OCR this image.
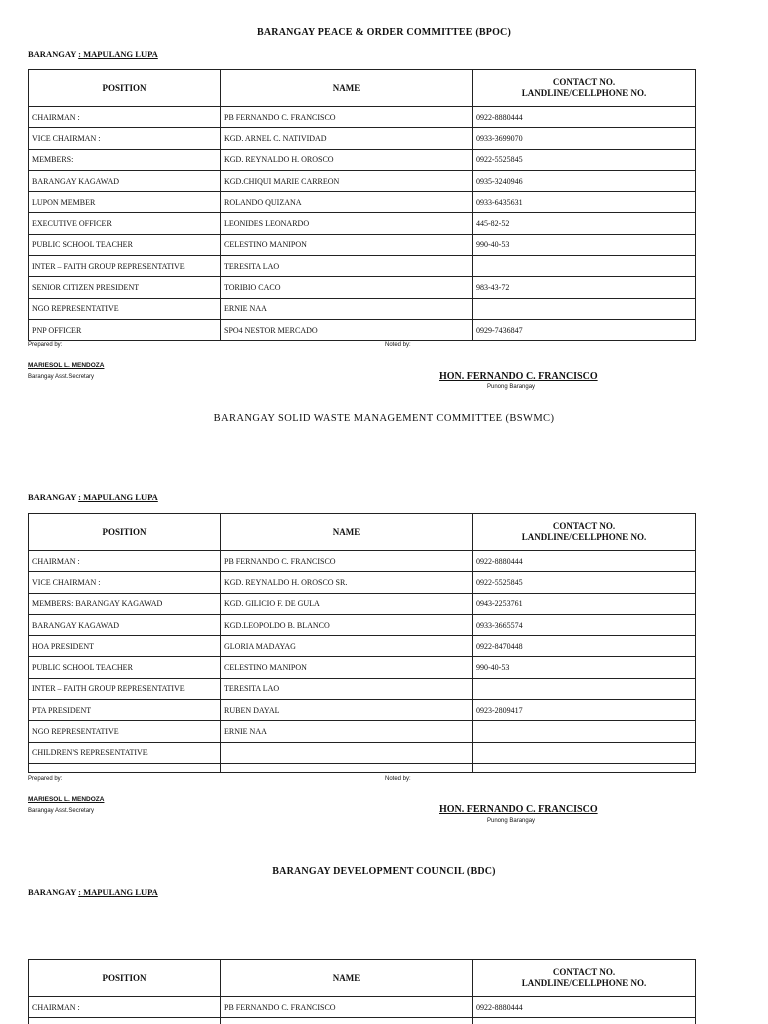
BARANGAY PEACE & ORDER COMMITTEE (BPOC)
BARANGAY : MAPULANG LUPA
POSITION	NAME	CONTACT NO.
LANDLINE/CELLPHONE NO.

CHAIRMAN :	PB FERNANDO C. FRANCISCO	0922-8880444
VICE CHAIRMAN :	KGD. ARNEL C. NATIVIDAD	0933-3699070
MEMBERS:	KGD. REYNALDO H. OROSCO	0922-5525845
BARANGAY KAGAWAD	KGD.CHIQUI MARIE CARREON	0935-3240946
LUPON MEMBER	ROLANDO QUIZANA	0933-6435631
EXECUTIVE OFFICER	LEONIDES LEONARDO	445-82-52
PUBLIC SCHOOL TEACHER	CELESTINO MANIPON	990-40-53
INTER – FAITH GROUP REPRESENTATIVE	TERESITA LAO	
SENIOR CITIZEN PRESIDENT	TORIBIO CACO	983-43-72
NGO REPRESENTATIVE	ERNIE NAA	
PNP OFFICER	SPO4 NESTOR MERCADO	0929-7436847
Prepared by:	Noted by:
MARIESOL L. MENDOZA
Barangay Asst.Secretary	HON. FERNANDO C. FRANCISCO
Punong Barangay
BARANGAY SOLID WASTE MANAGEMENT COMMITTEE (BSWMC)
BARANGAY : MAPULANG LUPA
POSITION	NAME	CONTACT NO.
LANDLINE/CELLPHONE NO.

CHAIRMAN :	PB FERNANDO C. FRANCISCO	0922-8880444
VICE CHAIRMAN :	KGD. REYNALDO H. OROSCO SR.	0922-5525845
MEMBERS: BARANGAY KAGAWAD	KGD. GILICIO F. DE GULA	0943-2253761
BARANGAY KAGAWAD	KGD.LEOPOLDO B. BLANCO	0933-3665574
HOA PRESIDENT	GLORIA MADAYAG	0922-8470448
PUBLIC SCHOOL TEACHER	CELESTINO MANIPON	990-40-53
INTER – FAITH GROUP REPRESENTATIVE	TERESITA LAO	
PTA PRESIDENT	RUBEN DAYAL	0923-2809417
NGO REPRESENTATIVE	ERNIE NAA	
CHILDREN'S REPRESENTATIVE		

Prepared by:	Noted by:
MARIESOL L. MENDOZA
Barangay Asst.Secretary	HON. FERNANDO C. FRANCISCO
Punong Barangay
BARANGAY DEVELOPMENT COUNCIL (BDC)
BARANGAY : MAPULANG LUPA
POSITION	NAME	CONTACT NO.
LANDLINE/CELLPHONE NO.

CHAIRMAN :	PB FERNANDO C. FRANCISCO	0922-8880444
